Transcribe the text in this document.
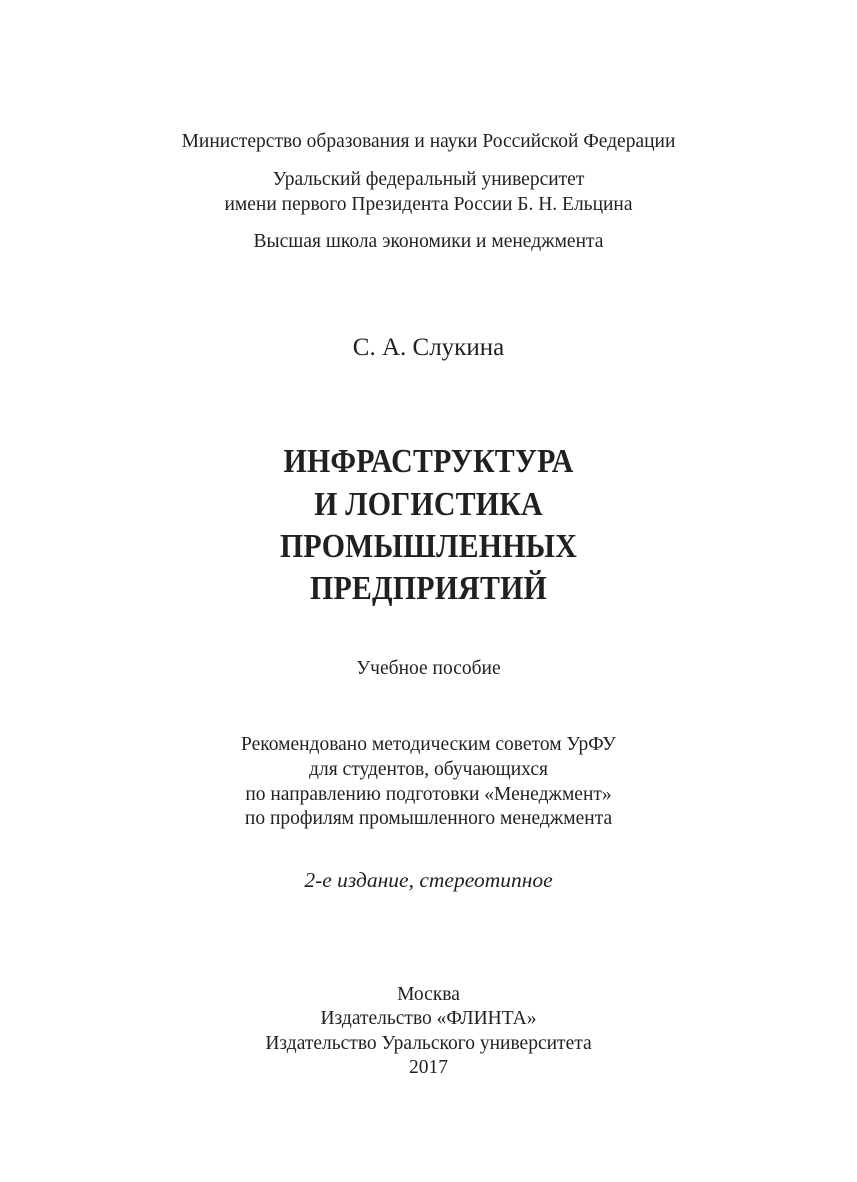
Министерство образования и науки Российской Федерации
Уральский федеральный университет
имени первого Президента России Б. Н. Ельцина
Высшая школа экономики и менеджмента
С. А. Слукина
ИНФРАСТРУКТУРА
И ЛОГИСТИКА
ПРОМЫШЛЕННЫХ
ПРЕДПРИЯТИЙ
Учебное пособие
Рекомендовано методическим советом УрФУ
для студентов, обучающихся
по направлению подготовки «Менеджмент»
по профилям промышленного менеджмента
2-е издание, стереотипное
Москва
Издательство «ФЛИНТА»
Издательство Уральского университета
2017
